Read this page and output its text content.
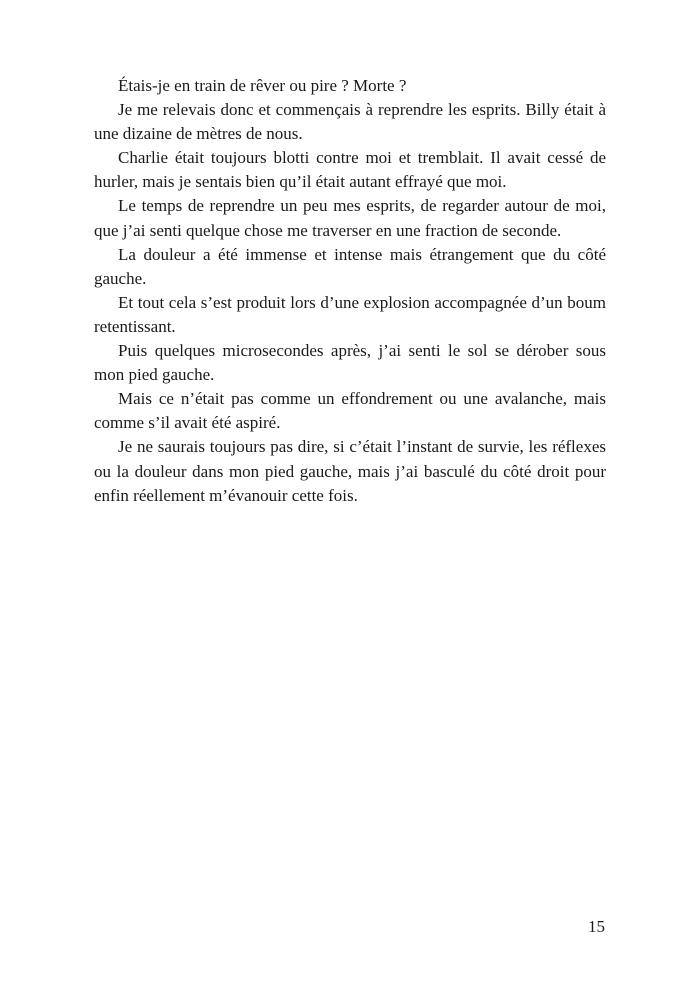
Étais-je en train de rêver ou pire ? Morte ?

Je me relevais donc et commençais à reprendre les esprits. Billy était à une dizaine de mètres de nous.

Charlie était toujours blotti contre moi et tremblait. Il avait cessé de hurler, mais je sentais bien qu’il était autant effrayé que moi.

Le temps de reprendre un peu mes esprits, de regarder autour de moi, que j’ai senti quelque chose me traverser en une fraction de seconde.

La douleur a été immense et intense mais étrangement que du côté gauche.

Et tout cela s’est produit lors d’une explosion accompagnée d’un boum retentissant.

Puis quelques microsecondes après, j’ai senti le sol se dérober sous mon pied gauche.

Mais ce n’était pas comme un effondrement ou une avalanche, mais comme s’il avait été aspiré.

Je ne saurais toujours pas dire, si c’était l’instant de survie, les réflexes ou la douleur dans mon pied gauche, mais j’ai basculé du côté droit pour enfin réellement m’évanouir cette fois.

15
